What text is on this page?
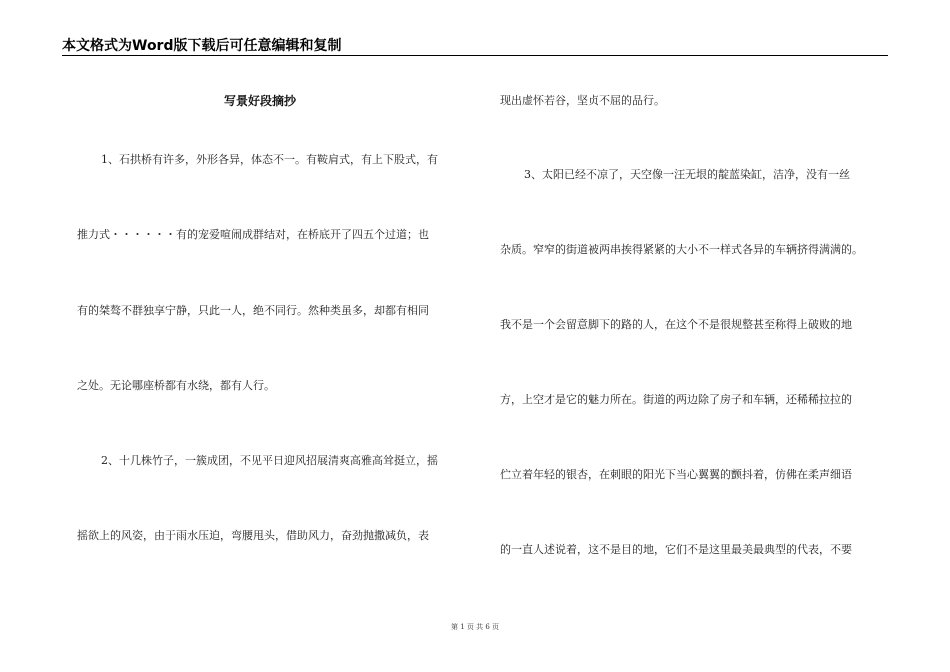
本文格式为Word版下载后可任意编辑和复制
写景好段摘抄
1、石拱桥有许多，外形各异，体态不一。有鞍肩式，有上下股式，有
推力式・・・・・・有的宠爱喧闹成群结对，在桥底开了四五个过道；也
有的桀骜不群独享宁静，只此一人，绝不同行。然种类虽多，却都有相同
之处。无论哪座桥都有水绕，都有人行。
2、十几株竹子，一簇成团，不见平日迎风招展清爽高雅高耸挺立，摇
摇欲上的风姿，由于雨水压迫，弯腰甩头，借助风力，奋劲抛撒减负，表
现出虚怀若谷，坚贞不屈的品行。
3、太阳已经不凉了，天空像一汪无垠的靛蓝染缸，洁净，没有一丝
杂质。窄窄的街道被两串挨得紧紧的大小不一样式各异的车辆挤得满满的。
我不是一个会留意脚下的路的人，在这个不是很规整甚至称得上破败的地
方，上空才是它的魅力所在。街道的两边除了房子和车辆，还稀稀拉拉的
伫立着年轻的银杏，在刺眼的阳光下当心翼翼的颤抖着，仿佛在柔声细语
的一直人述说着，这不是目的地，它们不是这里最美最典型的代表，不要
第 1 页 共 6 页
